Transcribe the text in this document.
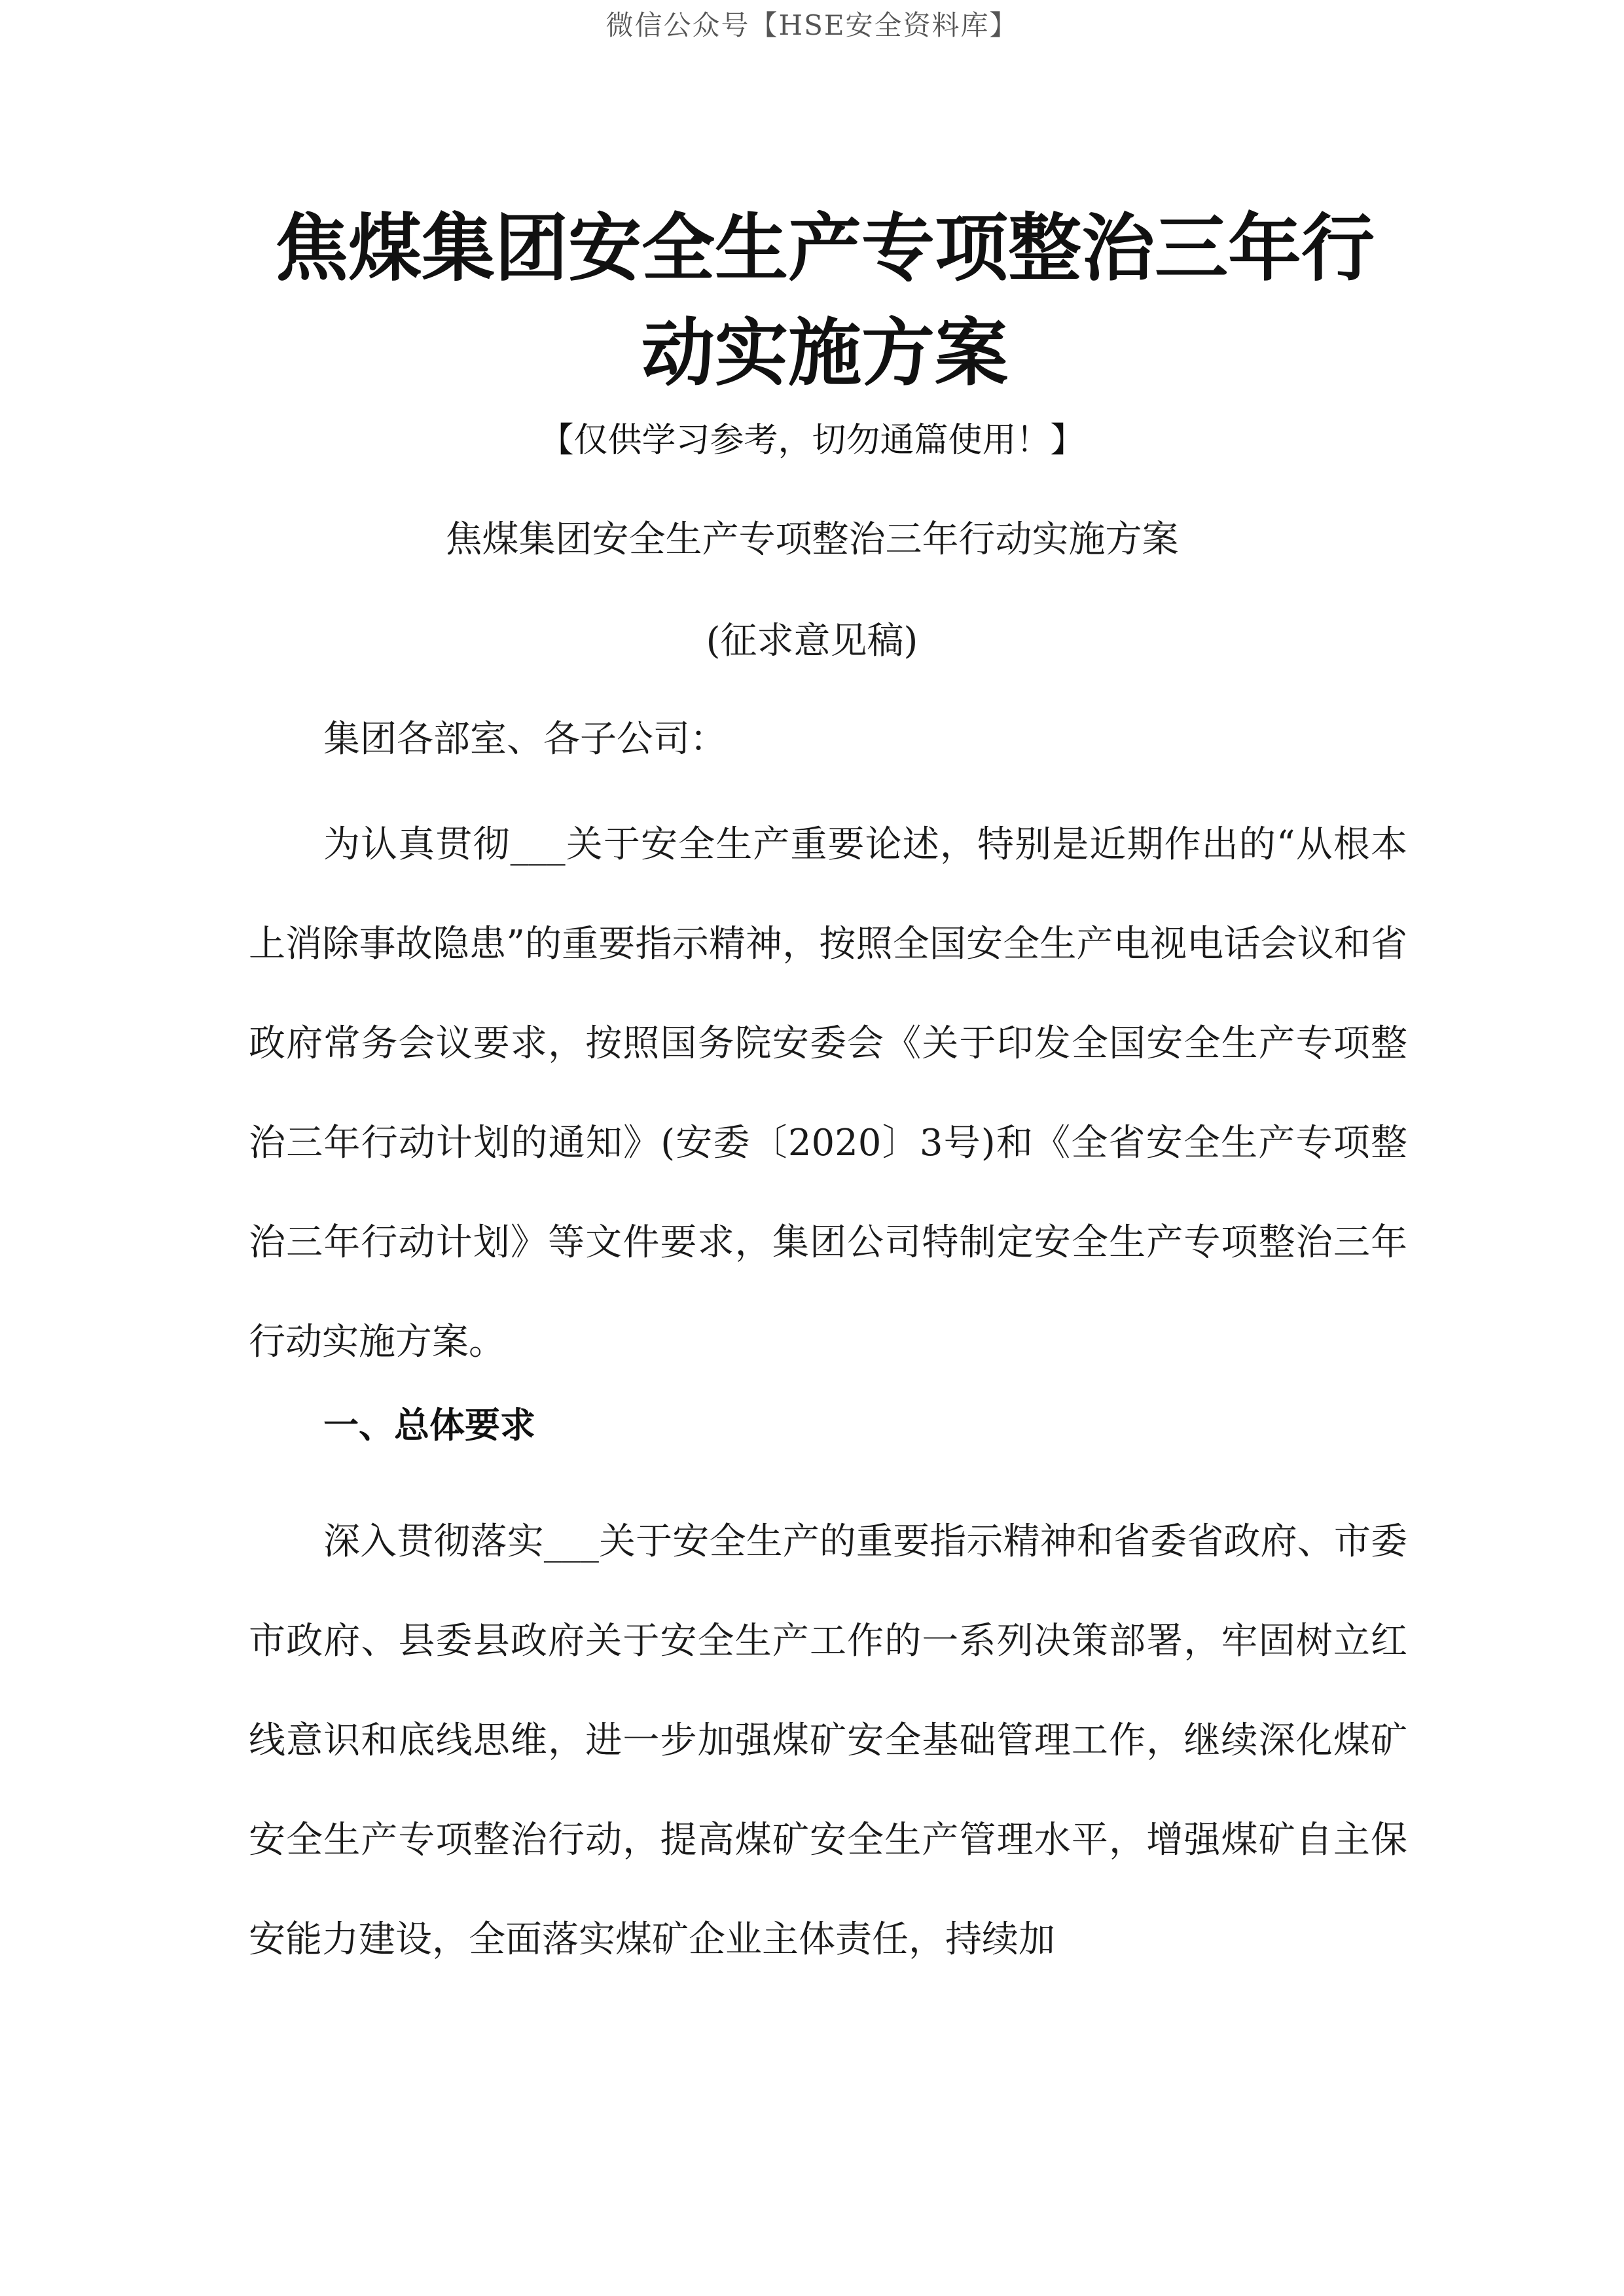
微信公众号【HSE安全资料库】
焦煤集团安全生产专项整治三年行动实施方案
【仅供学习参考，切勿通篇使用！】
焦煤集团安全生产专项整治三年行动实施方案
(征求意见稿)
集团各部室、各子公司：

为认真贯彻___关于安全生产重要论述，特别是近期作出的“从根本上消除事故隐患”的重要指示精神，按照全国安全生产电视电话会议和省政府常务会议要求，按照国务院安委会《关于印发全国安全生产专项整治三年行动计划的通知》(安委〔2020〕3号)和《全省安全生产专项整治三年行动计划》等文件要求，集团公司特制定安全生产专项整治三年行动实施方案。

一、总体要求

深入贯彻落实___关于安全生产的重要指示精神和省委省政府、市委市政府、县委县政府关于安全生产工作的一系列决策部署，牢固树立红线意识和底线思维，进一步加强煤矿安全基础管理工作，继续深化煤矿安全生产专项整治行动，提高煤矿安全生产管理水平，增强煤矿自主保安能力建设，全面落实煤矿企业主体责任，持续加
